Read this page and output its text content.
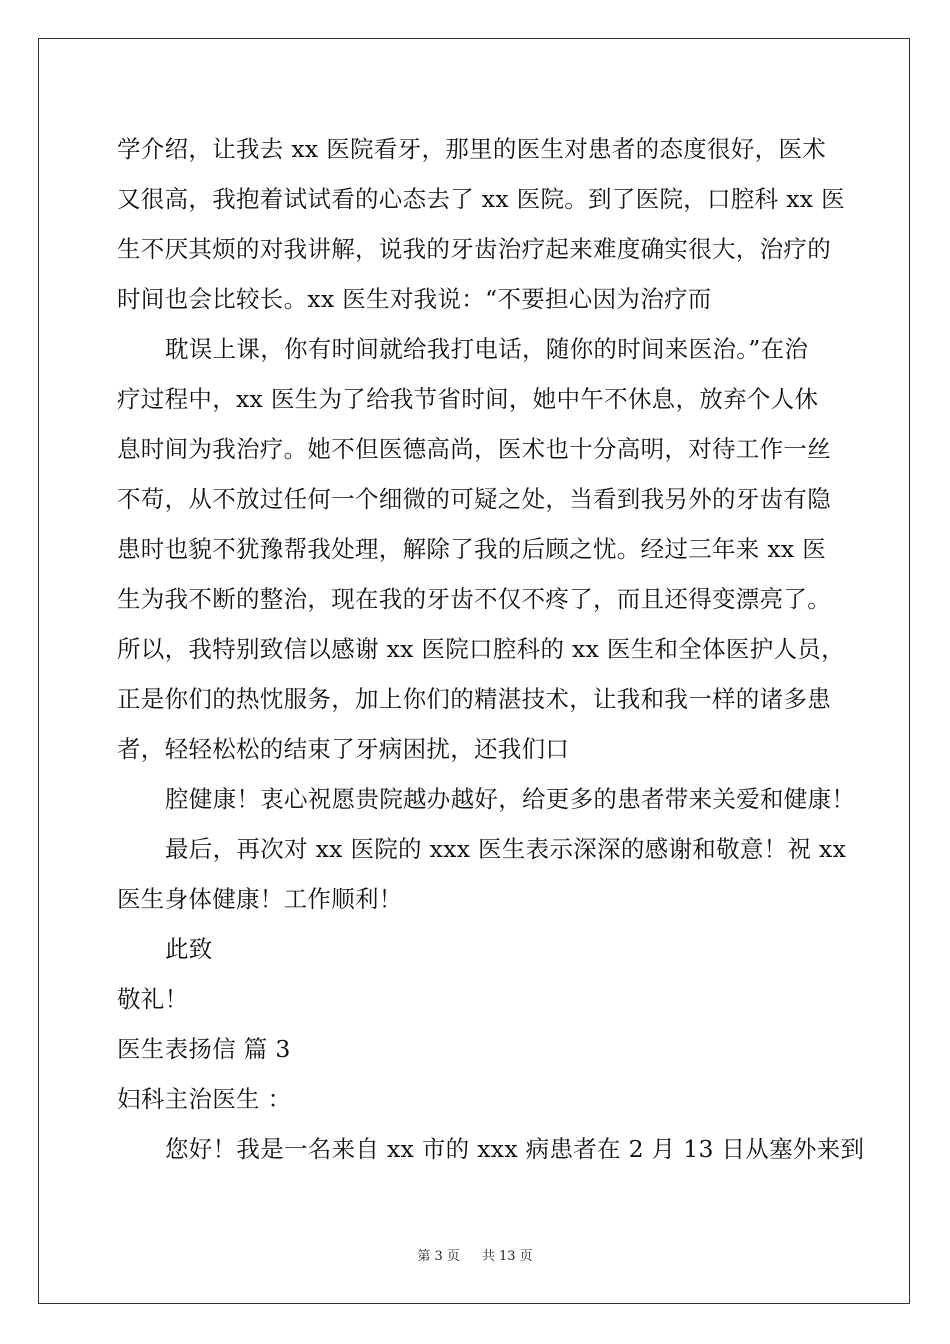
学介绍，让我去 xx 医院看牙，那里的医生对患者的态度很好，医术
又很高，我抱着试试看的心态去了 xx 医院。到了医院，口腔科 xx 医
生不厌其烦的对我讲解，说我的牙齿治疗起来难度确实很大，治疗的
时间也会比较长。xx 医生对我说：“不要担心因为治疗而
耽误上课，你有时间就给我打电话，随你的时间来医治。”在治
疗过程中，xx 医生为了给我节省时间，她中午不休息，放弃个人休
息时间为我治疗。她不但医德高尚，医术也十分高明，对待工作一丝
不苟，从不放过任何一个细微的可疑之处，当看到我另外的牙齿有隐
患时也貌不犹豫帮我处理，解除了我的后顾之忧。经过三年来 xx 医
生为我不断的整治，现在我的牙齿不仅不疼了，而且还得变漂亮了。
所以，我特别致信以感谢 xx 医院口腔科的 xx 医生和全体医护人员，
正是你们的热忱服务，加上你们的精湛技术，让我和我一样的诸多患
者，轻轻松松的结束了牙病困扰，还我们口
腔健康！衷心祝愿贵院越办越好，给更多的患者带来关爱和健康！
最后，再次对 xx 医院的 xxx 医生表示深深的感谢和敬意！祝 xx
医生身体健康！工作顺利！
此致
敬礼！
医生表扬信 篇 3
妇科主治医生 ：
您好！我是一名来自 xx 市的 xxx 病患者在 2 月 13 日从塞外来到
第 3 页 共 13 页
